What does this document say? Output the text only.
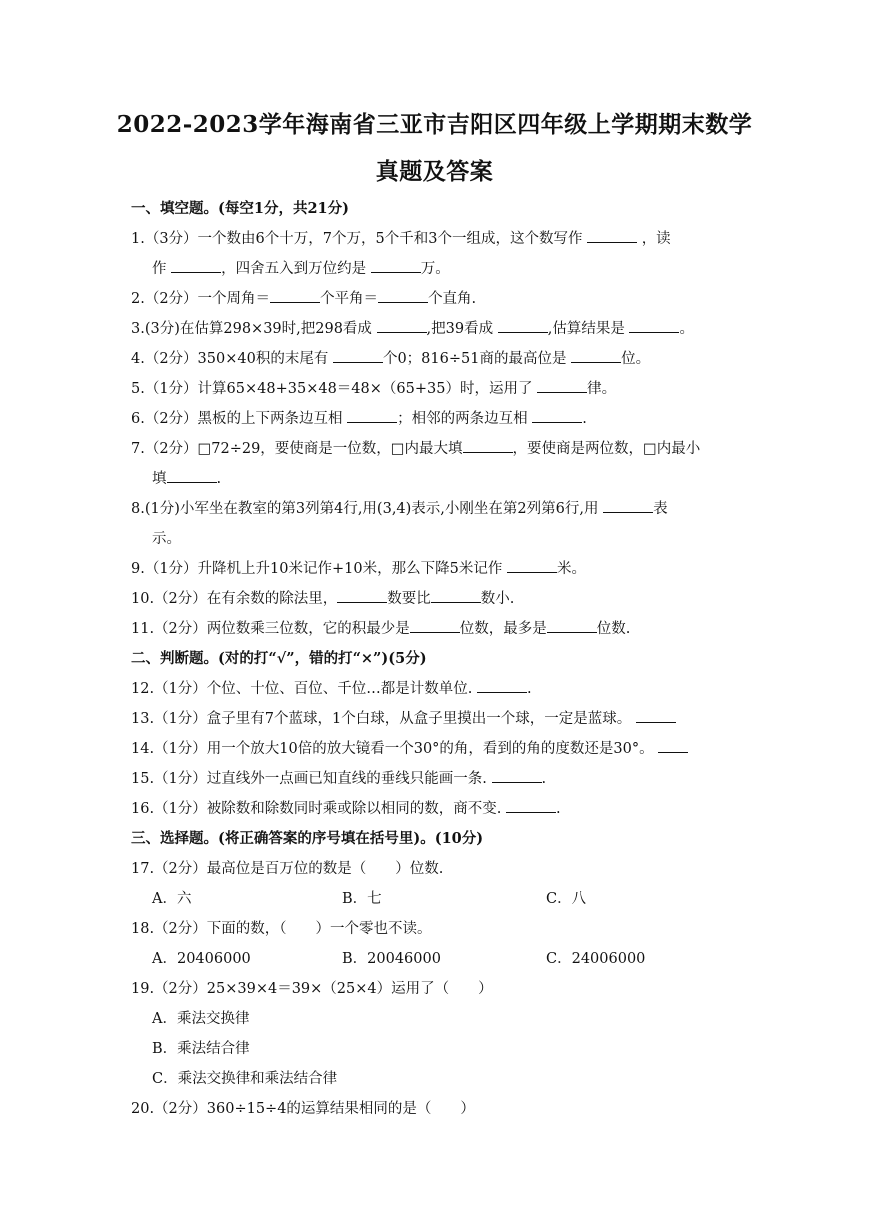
2022-2023学年海南省三亚市吉阳区四年级上学期期末数学
真题及答案
一、填空题。(每空1分，共21分)
1.（3分）一个数由6个十万，7个万，5个千和3个一组成，这个数写作	，读
作	，四舍五入到万位约是	万。
2.（2分）一个周角＝	个平角＝	个直角.
3.(3分)在估算298×39时,把298看成	,把39看成	,估算结果是	。
4.（2分）350×40积的末尾有	个0；816÷51商的最高位是	位。
5.（1分）计算65×48+35×48＝48×（65+35）时，运用了	律。
6.（2分）黑板的上下两条边互相	；相邻的两条边互相	.
7.（2分）□72÷29，要使商是一位数，□内最大填	，要使商是两位数，□内最小
填	.
8.(1分)小军坐在教室的第3列第4行,用(3,4)表示,小刚坐在第2列第6行,用	表
示。
9.（1分）升降机上升10米记作+10米，那么下降5米记作	米。
10.（2分）在有余数的除法里，	数要比	数小.
11.（2分）两位数乘三位数，它的积最少是	位数，最多是	位数.
二、判断题。(对的打“√”，错的打“×”)(5分)
12.（1分）个位、十位、百位、千位…都是计数单位.	.
13.（1分）盒子里有7个蓝球，1个白球，从盒子里摸出一个球，一定是蓝球。
14.（1分）用一个放大10倍的放大镜看一个30°的角，看到的角的度数还是30°。
15.（1分）过直线外一点画已知直线的垂线只能画一条.	.
16.（1分）被除数和除数同时乘或除以相同的数，商不变.	.
三、选择题。(将正确答案的序号填在括号里)。(10分)
17.（2分）最高位是百万位的数是（　　）位数.
A．六	B．七	C．八
18.（2分）下面的数，（　　）一个零也不读。
A．20406000	B．20046000	C．24006000
19.（2分）25×39×4＝39×（25×4）运用了（　　）
A．乘法交换律
B．乘法结合律
C．乘法交换律和乘法结合律
20.（2分）360÷15÷4的运算结果相同的是（　　）
